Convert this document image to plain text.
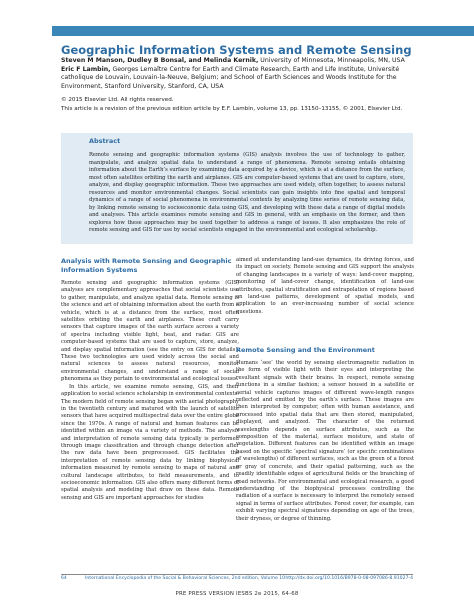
Geographic Information Systems and Remote Sensing

Steven M Manson, Dudley B Bonsal, and Melinda Kernik, University of Minnesota, Minneapolis, MN, USA

Eric F Lambin, Georges Lemaître Centre for Earth and Climate Research, Earth and Life Institute, Université catholique de Louvain, Louvain-la-Neuve, Belgium; and School of Earth Sciences and Woods Institute for the Environment, Stanford University, Stanford, CA, USA

© 2015 Elsevier Ltd. All rights reserved.

This article is a revision of the previous edition article by E.F. Lambin, volume 13, pp. 13150–13155, © 2001, Elsevier Ltd.

Abstract

Remote sensing and geographic information systems (GIS) analysis involves the use of technology to gather, manipulate, and analyze spatial data to understand a range of phenomena. Remote sensing entails obtaining information about the Earth’s surface by examining data acquired by a device, which is at a distance from the surface, most often satellites orbiting the earth and airplanes. GIS are computer-based systems that are used to capture, store, analyze, and display geographic information. These two approaches are used widely, often together, to assess natural resources and monitor environmental changes. Social scientists can gain insights into fine spatial and temporal dynamics of a range of social phenomena in environmental contexts by analyzing time series of remote sensing data, by linking remote sensing to socioeconomic data using GIS, and developing with these data a range of digital models and analyses. This article examines remote sensing and GIS in general, with an emphasis on the former, and then explores how these approaches may be used together to address a range of issues. It also emphasizes the role of remote sensing and GIS for use by social scientists engaged in the environmental and ecological scholarship.

Analysis with Remote Sensing and Geographic Information Systems

Remote sensing and geographic information systems (GIS) analyses are complementary approaches that social scientists use to gather, manipulate, and analyze spatial data. Remote sensing is the science and art of obtaining information about the earth from a vehicle, which is at a distance from the surface, most often satellites orbiting the earth and airplanes. These craft carry sensors that capture images of the earth surface across a variety of spectra including visible light, heat, and radar. GIS are computer-based systems that are used to capture, store, analyze, and display spatial information (see the entry on GIS for details). These two technologies are used widely across the social and natural sciences to assess natural resources, monitor environmental changes, and understand a range of social phenomena as they pertain to environmental and ecological issues.

In this article, we examine remote sensing, GIS, and their application to social science scholarship in environmental contexts. The modern field of remote sensing began with aerial photography in the twentieth century and matured with the launch of satellite sensors that have acquired multispectral data over the entire globe since the 1970s. A range of natural and human features can be identified within an image via a variety of methods. The analysis and interpretation of remote sensing data typically is performed through image classification and through change detection after the raw data have been preprocessed. GIS facilitates the interpretation of remote sensing data by linking biophysical information measured by remote sensing to maps of natural and cultural landscape attributes, to field measurements, and to socioeconomic information. GIS also offers many different forms of spatial analysis and modeling that draw on these data. Remote sensing and GIS are important approaches for studies

aimed at understanding land-use dynamics, its driving forces, and its impact on society. Remote sensing and GIS support the analysis of changing landscapes in a variety of ways: land-cover mapping, monitoring of land-cover change, identification of land-use attributes, spatial stratification and extrapolation of regions based on land-use patterns, development of spatial models, and application to an ever-increasing number of social science questions.

Remote Sensing and the Environment

Humans ‘see’ the world by sensing electromagnetic radiation in the form of visible light with their eyes and interpreting the resultant signals with their brains. In respect, remote sensing functions in a similar fashion; a sensor housed in a satellite or aerial vehicle captures images of different wave-length ranges reflected and emitted by the earth’s surface. These images are then interpreted by computer, often with human assistance, and processed into spatial data that are then stored, manipulated, displayed, and analyzed. The character of the returned wavelengths depends on surface attributes, such as the composition of the material, surface moisture, and state of vegetation. Different features can be identified within an image based on the specific ‘spectral signature’ (or specific combinations of wavelengths) of different surfaces, such as the green of a forest or gray of concrete, and their spatial patterning, such as the readily identifiable edges of agricultural fields or the branching of road networks. For environmental and ecological research, a good understanding of the biophysical processes controlling the radiation of a surface is necessary to interpret the remotely sensed signal in terms of surface attributes. Forest cover, for example, can exhibit varying spectral signatures depending on age of the trees, their dryness, or degree of thinning.

64	International Encyclopedia of the Social & Behavioral Sciences, 2nd edition, Volume 10 http://dx.doi.org/10.1016/B978-0-08-097086-8.91027-4
PRE PRESS VERSION IESBS 2e 2015, 64-68
